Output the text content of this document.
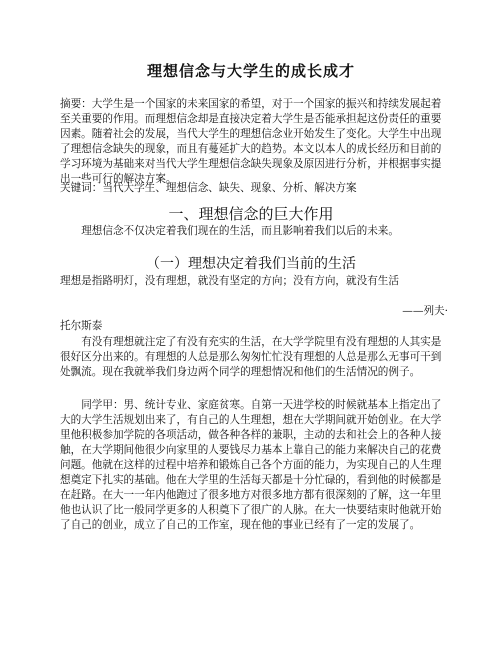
理想信念与大学生的成长成才
摘要：大学生是一个国家的未来国家的希望，对于一个国家的振兴和持续发展起着至关重要的作用。而理想信念却是直接决定着大学生是否能承担起这份责任的重要因素。随着社会的发展，当代大学生的理想信念业开始发生了变化。大学生中出现了理想信念缺失的现象，而且有蔓延扩大的趋势。本文以本人的成长经历和目前的学习环境为基础来对当代大学生理想信念缺失现象及原因进行分析，并根据事实提出一些可行的解决方案。
关键词：当代大学生、理想信念、缺失、现象、分析、解决方案
一、理想信念的巨大作用
理想信念不仅决定着我们现在的生活，而且影响着我们以后的未来。
（一）理想决定着我们当前的生活
理想是指路明灯，没有理想，就没有坚定的方向；没有方向，就没有生活
——列夫·
托尔斯泰
有没有理想就注定了有没有充实的生活，在大学学院里有没有理想的人其实是很好区分出来的。有理想的人总是那么匆匆忙忙没有理想的人总是那么无事可干到处飘流。现在我就举我们身边两个同学的理想情况和他们的生活情况的例子。
同学甲：男、统计专业、家庭贫寒。自第一天进学校的时候就基本上指定出了大的大学生活规划出来了，有自己的人生理想，想在大学期间就开始创业。在大学里他积极参加学院的各项活动，做各种各样的兼职，主动的去和社会上的各种人接触，在大学期间他很少向家里的人要钱尽力基本上靠自己的能力来解决自己的花费问题。他就在这样的过程中培养和锻炼自己各个方面的能力，为实现自己的人生理想奠定下扎实的基础。他在大学里的生活每天都是十分忙碌的，看到他的时候都是在赶路。在大一一年内他跑过了很多地方对很多地方都有很深刻的了解，这一年里他也认识了比一般同学更多的人积奠下了很广的人脉。在大一快要结束时他就开始了自己的创业，成立了自己的工作室，现在他的事业已经有了一定的发展了。
